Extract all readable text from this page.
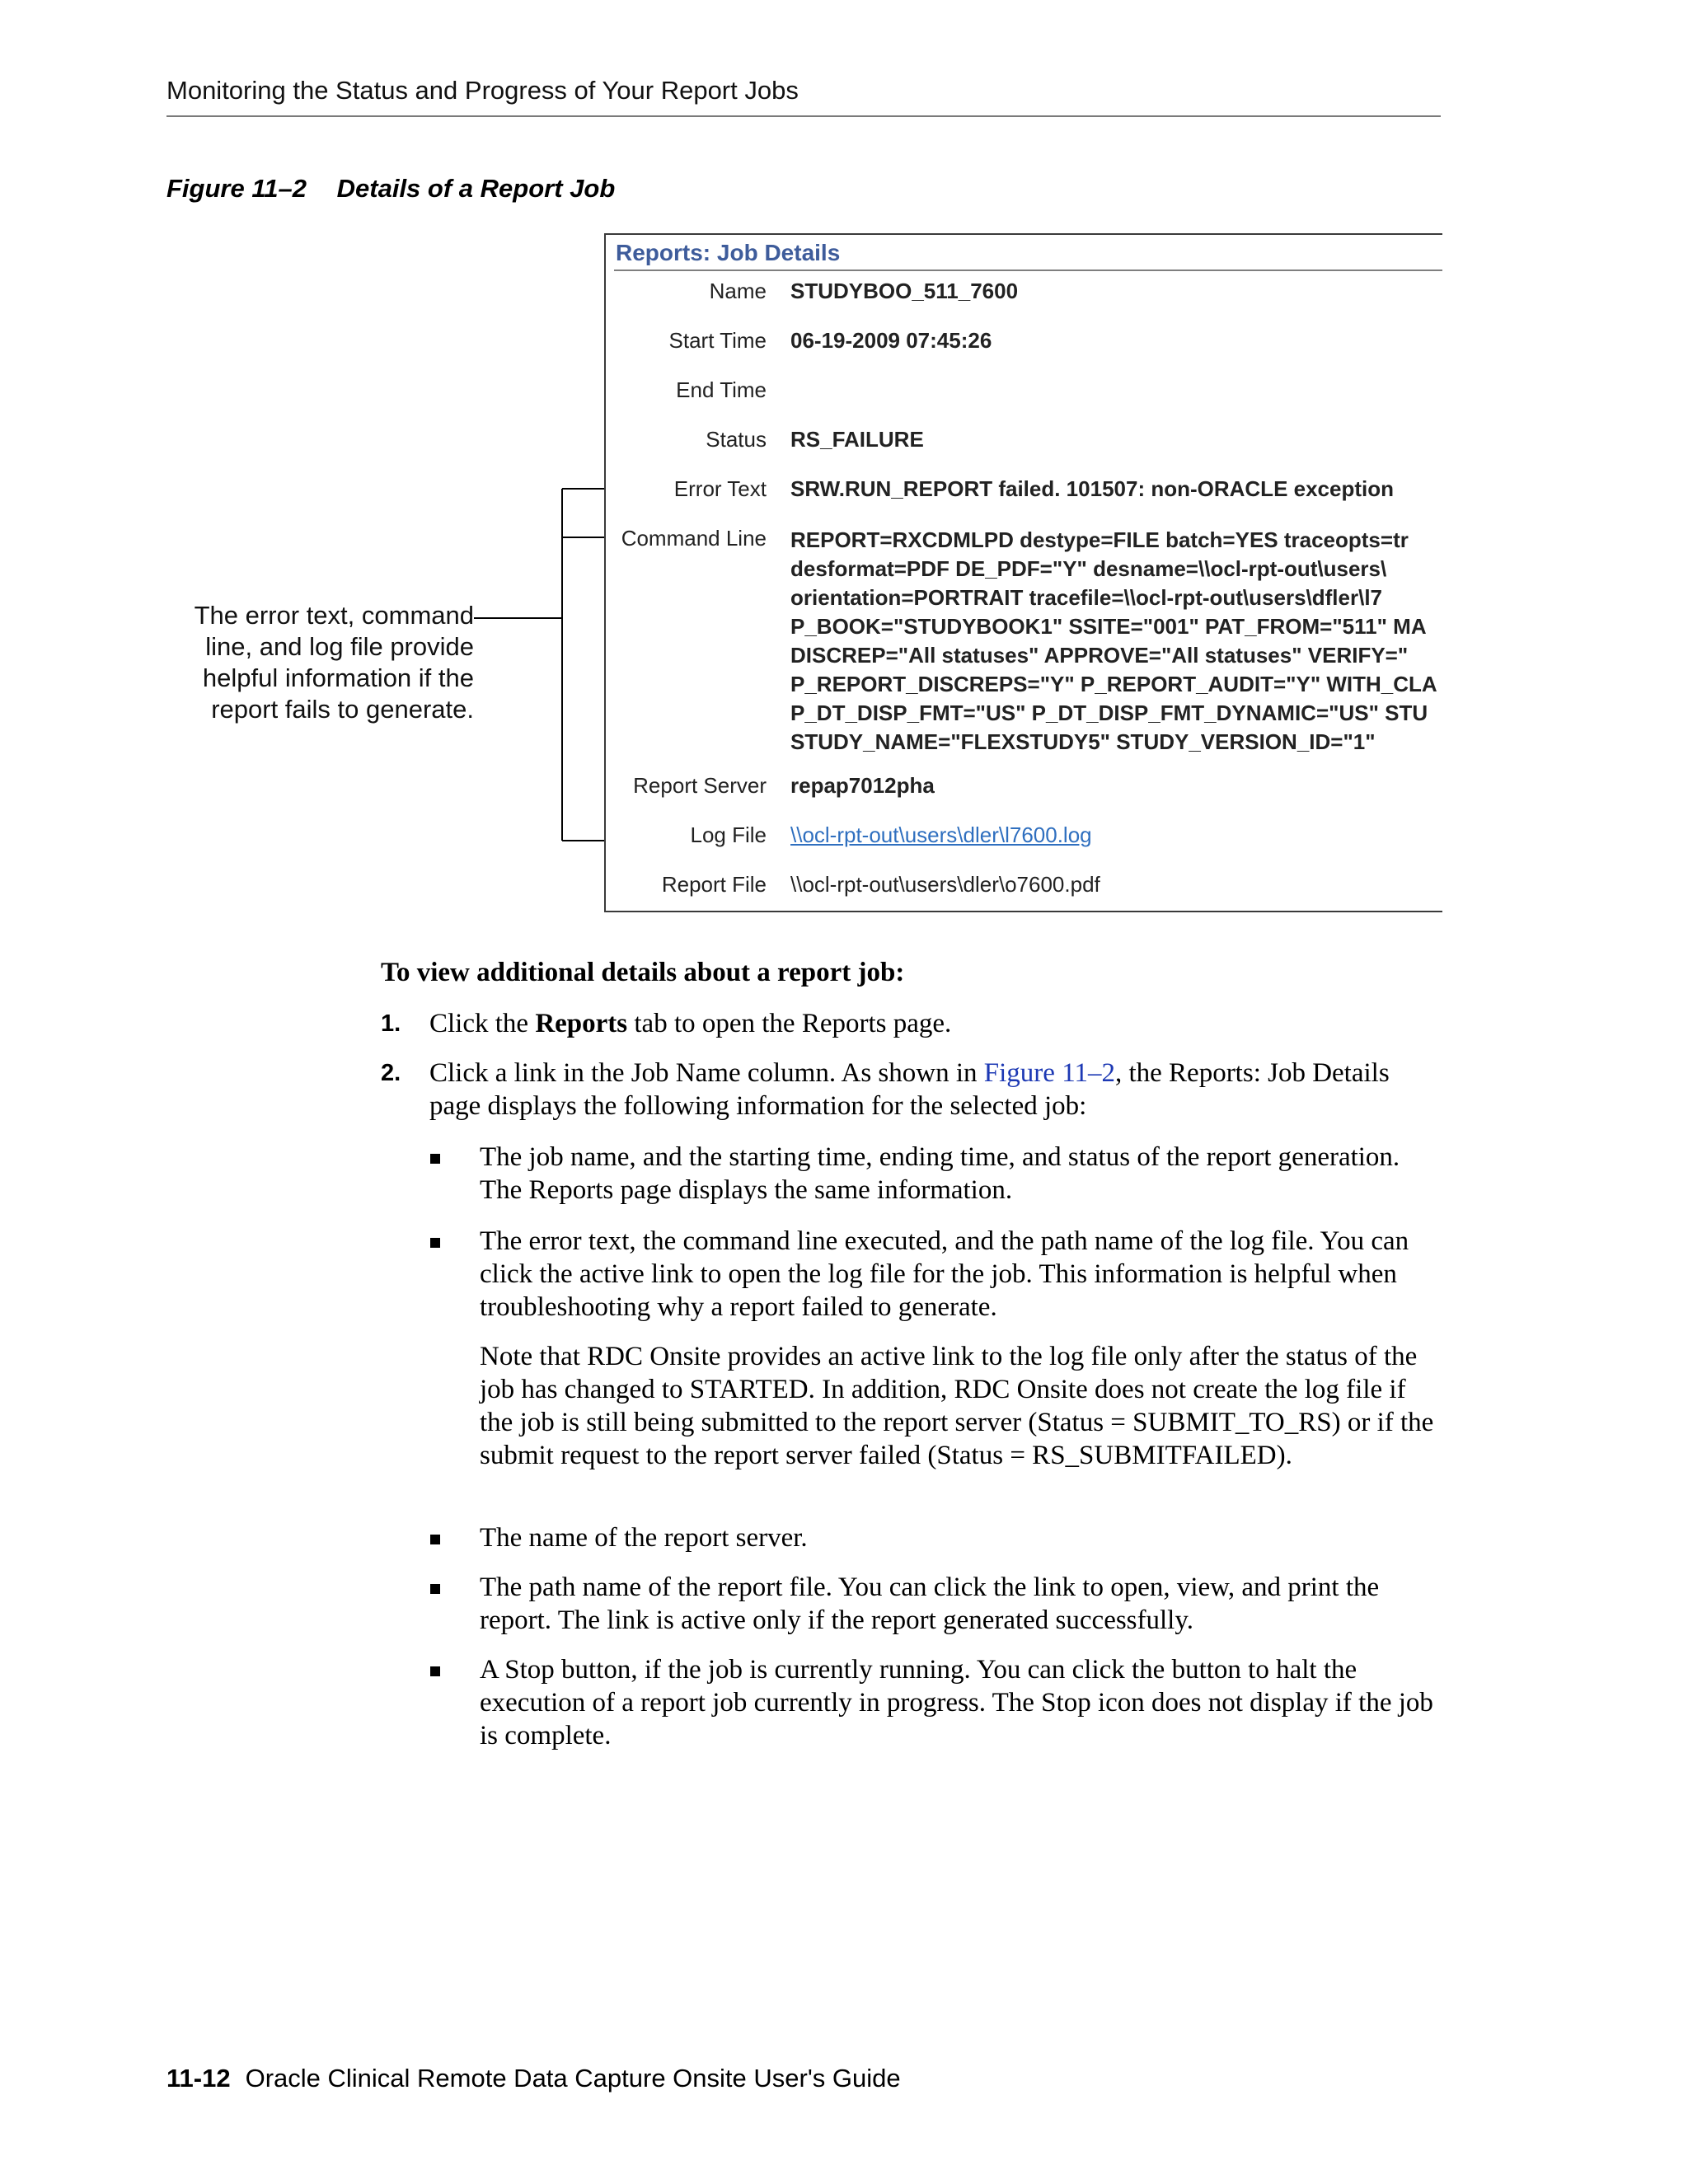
Monitoring the Status and Progress of Your Report Jobs
Figure 11–2 Details of a Report Job
Reports: Job Details
Name STUDYBOO_511_7600
Start Time 06-19-2009 07:45:26
End Time
Status RS_FAILURE
Error Text SRW.RUN_REPORT failed. 101507: non-ORACLE exception
Command Line REPORT=RXCDMLPD destype=FILE batch=YES traceopts=tr
desformat=PDF DE_PDF="Y" desname=\\ocl-rpt-out\users\
orientation=PORTRAIT tracefile=\\ocl-rpt-out\users\dfler\l7
P_BOOK="STUDYBOOK1" SSITE="001" PAT_FROM="511" MA
DISCREP="All statuses" APPROVE="All statuses" VERIFY="
P_REPORT_DISCREPS="Y" P_REPORT_AUDIT="Y" WITH_CLA
P_DT_DISP_FMT="US" P_DT_DISP_FMT_DYNAMIC="US" STU
STUDY_NAME="FLEXSTUDY5" STUDY_VERSION_ID="1"
Report Server repap7012pha
Log File \\ocl-rpt-out\users\dler\l7600.log
Report File \\ocl-rpt-out\users\dler\o7600.pdf
The error text, command line, and log file provide helpful information if the report fails to generate.
To view additional details about a report job:
1. Click the Reports tab to open the Reports page.
2. Click a link in the Job Name column. As shown in Figure 11–2, the Reports: Job Details page displays the following information for the selected job:
The job name, and the starting time, ending time, and status of the report generation. The Reports page displays the same information.
The error text, the command line executed, and the path name of the log file. You can click the active link to open the log file for the job. This information is helpful when troubleshooting why a report failed to generate.
Note that RDC Onsite provides an active link to the log file only after the status of the job has changed to STARTED. In addition, RDC Onsite does not create the log file if the job is still being submitted to the report server (Status = SUBMIT_TO_RS) or if the submit request to the report server failed (Status = RS_SUBMITFAILED).
The name of the report server.
The path name of the report file. You can click the link to open, view, and print the report. The link is active only if the report generated successfully.
A Stop button, if the job is currently running. You can click the button to halt the execution of a report job currently in progress. The Stop icon does not display if the job is complete.
11-12 Oracle Clinical Remote Data Capture Onsite User's Guide
